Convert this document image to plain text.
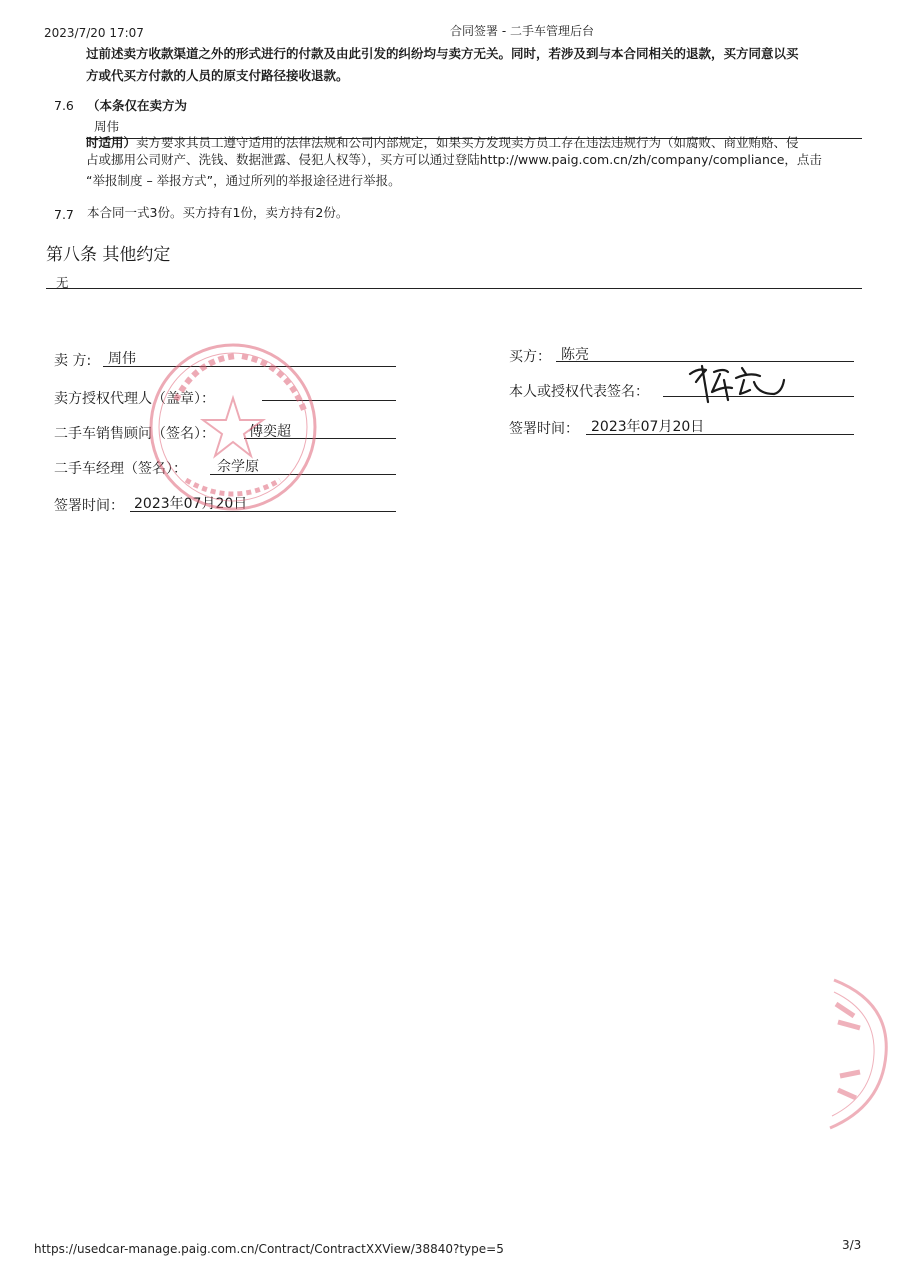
2023/7/20 17:07	合同签署 - 二手车管理后台
过前述卖方收款渠道之外的形式进行的付款及由此引发的纠纷均与卖方无关。同时，若涉及到与本合同相关的退款，买方同意以买
方或代买方付款的人员的原支付路径接收退款。
7.6 （本条仅在卖方为
周伟
时适用）卖方要求其员工遵守适用的法律法规和公司内部规定，如果买方发现卖方员工存在违法违规行为（如腐败、商业贿赂、侵
占或挪用公司财产、洗钱、数据泄露、侵犯人权等），买方可以通过登陆http://www.paig.com.cn/zh/company/compliance，点击
“举报制度 – 举报方式”，通过所列的举报途径进行举报。
7.7 本合同一式3份。买方持有1份，卖方持有2份。
第八条 其他约定
无
卖 方: 周伟
卖方授权代理人（盖章）：
二手车销售顾问（签名）： 傅奕超
二手车经理（签名）： 佘学原
签署时间： 2023年07月20日
买方： 陈亮
本人或授权代表签名：
签署时间： 2023年07月20日
https://usedcar-manage.paig.com.cn/Contract/ContractXXView/38840?type=5	3/3
